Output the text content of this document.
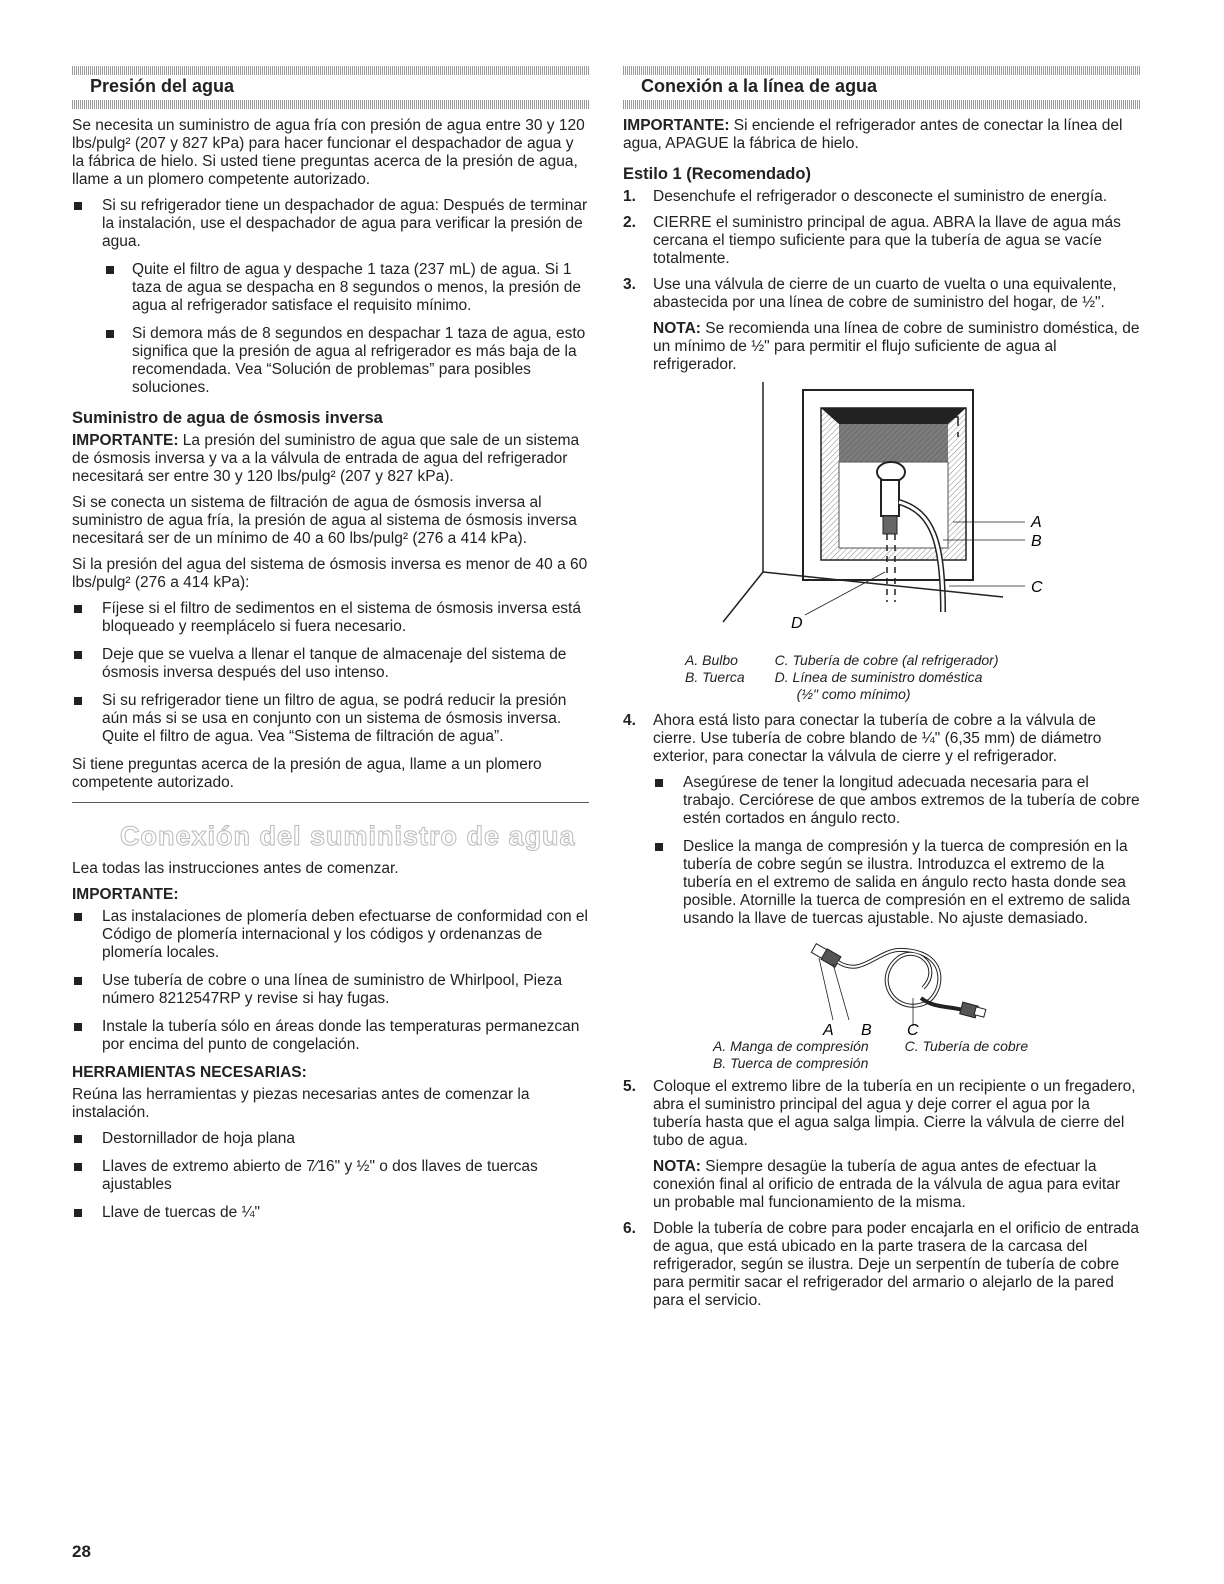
Presión del agua

Se necesita un suministro de agua fría con presión de agua entre 30 y 120 lbs/pulg² (207 y 827 kPa) para hacer funcionar el despachador de agua y la fábrica de hielo. Si usted tiene preguntas acerca de la presión de agua, llame a un plomero competente autorizado.

Si su refrigerador tiene un despachador de agua: Después de terminar la instalación, use el despachador de agua para verificar la presión de agua.
Quite el filtro de agua y despache 1 taza (237 mL) de agua. Si 1 taza de agua se despacha en 8 segundos o menos, la presión de agua al refrigerador satisface el requisito mínimo.
Si demora más de 8 segundos en despachar 1 taza de agua, esto significa que la presión de agua al refrigerador es más baja de la recomendada. Vea “Solución de problemas” para posibles soluciones.
Suministro de agua de ósmosis inversa

IMPORTANTE: La presión del suministro de agua que sale de un sistema de ósmosis inversa y va a la válvula de entrada de agua del refrigerador necesitará ser entre 30 y 120 lbs/pulg² (207 y 827 kPa).

Si se conecta un sistema de filtración de agua de ósmosis inversa al suministro de agua fría, la presión de agua al sistema de ósmosis inversa necesitará ser de un mínimo de 40 a 60 lbs/pulg² (276 a 414 kPa).

Si la presión del agua del sistema de ósmosis inversa es menor de 40 a 60 lbs/pulg² (276 a 414 kPa):

Fíjese si el filtro de sedimentos en el sistema de ósmosis inversa está bloqueado y reemplácelo si fuera necesario.
Deje que se vuelva a llenar el tanque de almacenaje del sistema de ósmosis inversa después del uso intenso.
Si su refrigerador tiene un filtro de agua, se podrá reducir la presión aún más si se usa en conjunto con un sistema de ósmosis inversa. Quite el filtro de agua. Vea “Sistema de filtración de agua”.

Si tiene preguntas acerca de la presión de agua, llame a un plomero competente autorizado.

Conexión del suministro de agua

Lea todas las instrucciones antes de comenzar.

IMPORTANTE:

Las instalaciones de plomería deben efectuarse de conformidad con el Código de plomería internacional y los códigos y ordenanzas de plomería locales.
Use tubería de cobre o una línea de suministro de Whirlpool, Pieza número 8212547RP y revise si hay fugas.
Instale la tubería sólo en áreas donde las temperaturas permanezcan por encima del punto de congelación.

HERRAMIENTAS NECESARIAS:

Reúna las herramientas y piezas necesarias antes de comenzar la instalación.

Destornillador de hoja plana
Llaves de extremo abierto de 7⁄16" y ½" o dos llaves de tuercas ajustables
Llave de tuercas de ¼"
Conexión a la línea de agua

IMPORTANTE: Si enciende el refrigerador antes de conectar la línea del agua, APAGUE la fábrica de hielo.

Estilo 1 (Recomendado)
1. Desenchufe el refrigerador o desconecte el suministro de energía.
2. CIERRE el suministro principal de agua. ABRA la llave de agua más cercana el tiempo suficiente para que la tubería de agua se vacíe totalmente.
3. Use una válvula de cierre de un cuarto de vuelta o una equivalente, abastecida por una línea de cobre de suministro del hogar, de ½".

NOTA: Se recomienda una línea de cobre de suministro doméstica, de un mínimo de ½" para permitir el flujo suficiente de agua al refrigerador.

A
B
C
D
A. Bulbo
B. Tuerca
C. Tubería de cobre (al refrigerador)
D. Línea de suministro doméstica
(½" como mínimo)
4. Ahora está listo para conectar la tubería de cobre a la válvula de cierre. Use tubería de cobre blando de ¼" (6,35 mm) de diámetro exterior, para conectar la válvula de cierre y el refrigerador.
Asegúrese de tener la longitud adecuada necesaria para el trabajo. Cerciórese de que ambos extremos de la tubería de cobre estén cortados en ángulo recto.
Deslice la manga de compresión y la tuerca de compresión en la tubería de cobre según se ilustra. Introduzca el extremo de la tubería en el extremo de salida en ángulo recto hasta donde sea posible. Atornille la tuerca de compresión en el extremo de salida usando la llave de tuercas ajustable. No ajuste demasiado.
A B C
A. Manga de compresión
B. Tuerca de compresión
C. Tubería de cobre
5. Coloque el extremo libre de la tubería en un recipiente o un fregadero, abra el suministro principal del agua y deje correr el agua por la tubería hasta que el agua salga limpia. Cierre la válvula de cierre del tubo de agua.

NOTA: Siempre desagüe la tubería de agua antes de efectuar la conexión final al orificio de entrada de la válvula de agua para evitar un probable mal funcionamiento de la misma.

6. Doble la tubería de cobre para poder encajarla en el orificio de entrada de agua, que está ubicado en la parte trasera de la carcasa del refrigerador, según se ilustra. Deje un serpentín de tubería de cobre para permitir sacar el refrigerador del armario o alejarlo de la pared para el servicio.
28
